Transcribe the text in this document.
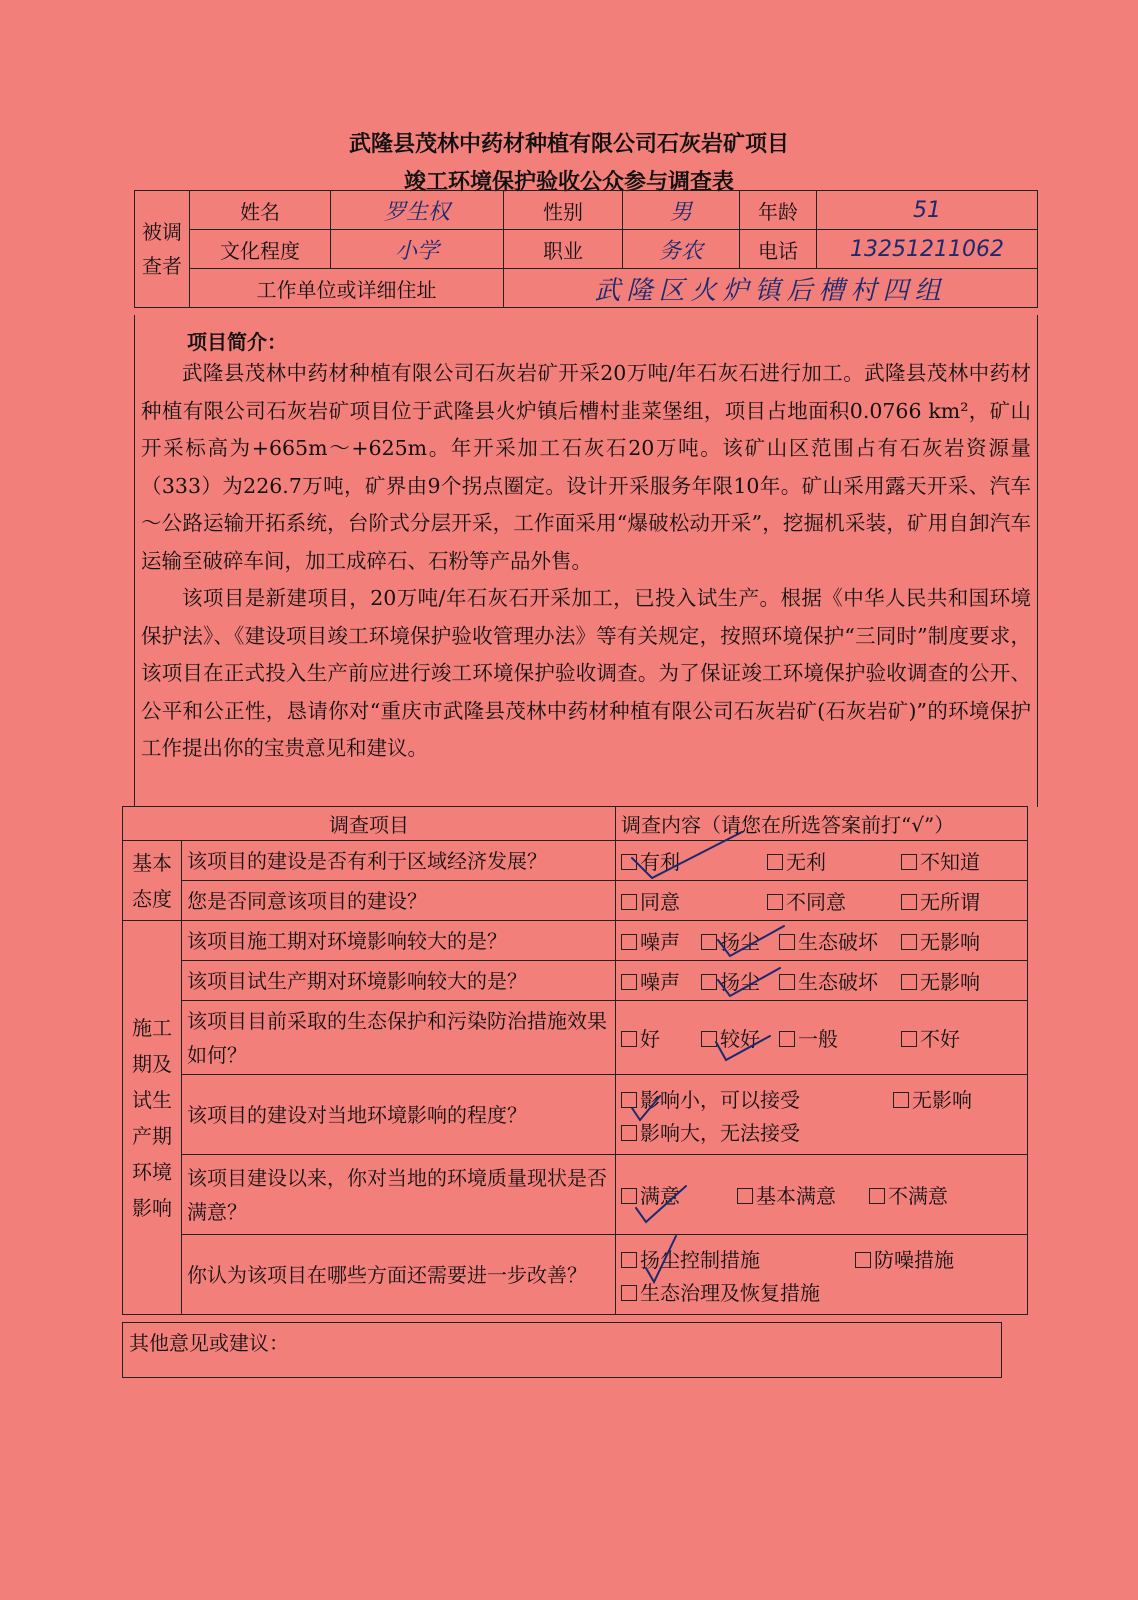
武隆县茂林中药材种植有限公司石灰岩矿项目
竣工环境保护验收公众参与调查表
被调查者	姓名	罗生权	性别	男	年龄	51
	文化程度	小学	职业	务农	电话	13251211062
	工作单位或详细住址		武隆区火炉镇后槽村四组			
项目简介：

武隆县茂林中药材种植有限公司石灰岩矿开采20万吨/年石灰石进行加工。武隆县茂林中药材种植有限公司石灰岩矿项目位于武隆县火炉镇后槽村韭菜堡组，项目占地面积0.0766 km²，矿山开采标高为+665m～+625m。年开采加工石灰石20万吨。该矿山区范围占有石灰岩资源量（333）为226.7万吨，矿界由9个拐点圈定。设计开采服务年限10年。矿山采用露天开采、汽车～公路运输开拓系统，台阶式分层开采，工作面采用“爆破松动开采”，挖掘机采装，矿用自卸汽车运输至破碎车间，加工成碎石、石粉等产品外售。

该项目是新建项目，20万吨/年石灰石开采加工，已投入试生产。根据《中华人民共和国环境保护法》、《建设项目竣工环境保护验收管理办法》等有关规定，按照环境保护“三同时”制度要求，该项目在正式投入生产前应进行竣工环境保护验收调查。为了保证竣工环境保护验收调查的公开、公平和公正性，恳请你对“重庆市武隆县茂林中药材种植有限公司石灰岩矿(石灰岩矿)”的环境保护工作提出你的宝贵意见和建议。

调查项目		调查内容（请您在所选答案前打“√”）
基本态度	该项目的建设是否有利于区域经济发展？	有利 无利 不知道

	您是否同意该项目的建设？	同意 不同意 无所谓

施工期及试生产期环境影响	该项目施工期对环境影响较大的是？	噪声 扬尘 生态破坏 无影响

	该项目试生产期对环境影响较大的是？	噪声 扬尘 生态破坏 无影响

	该项目目前采取的生态保护和污染防治措施效果如何？	好 较好 一般 不好

	该项目的建设对当地环境影响的程度？	影响小，可以接受 无影响
影响大，无法接受

	该项目建设以来，你对当地的环境质量现状是否满意？	满意 基本满意 不满意

	你认为该项目在哪些方面还需要进一步改善？	扬尘控制措施 防噪措施
生态治理及恢复措施
其他意见或建议：
